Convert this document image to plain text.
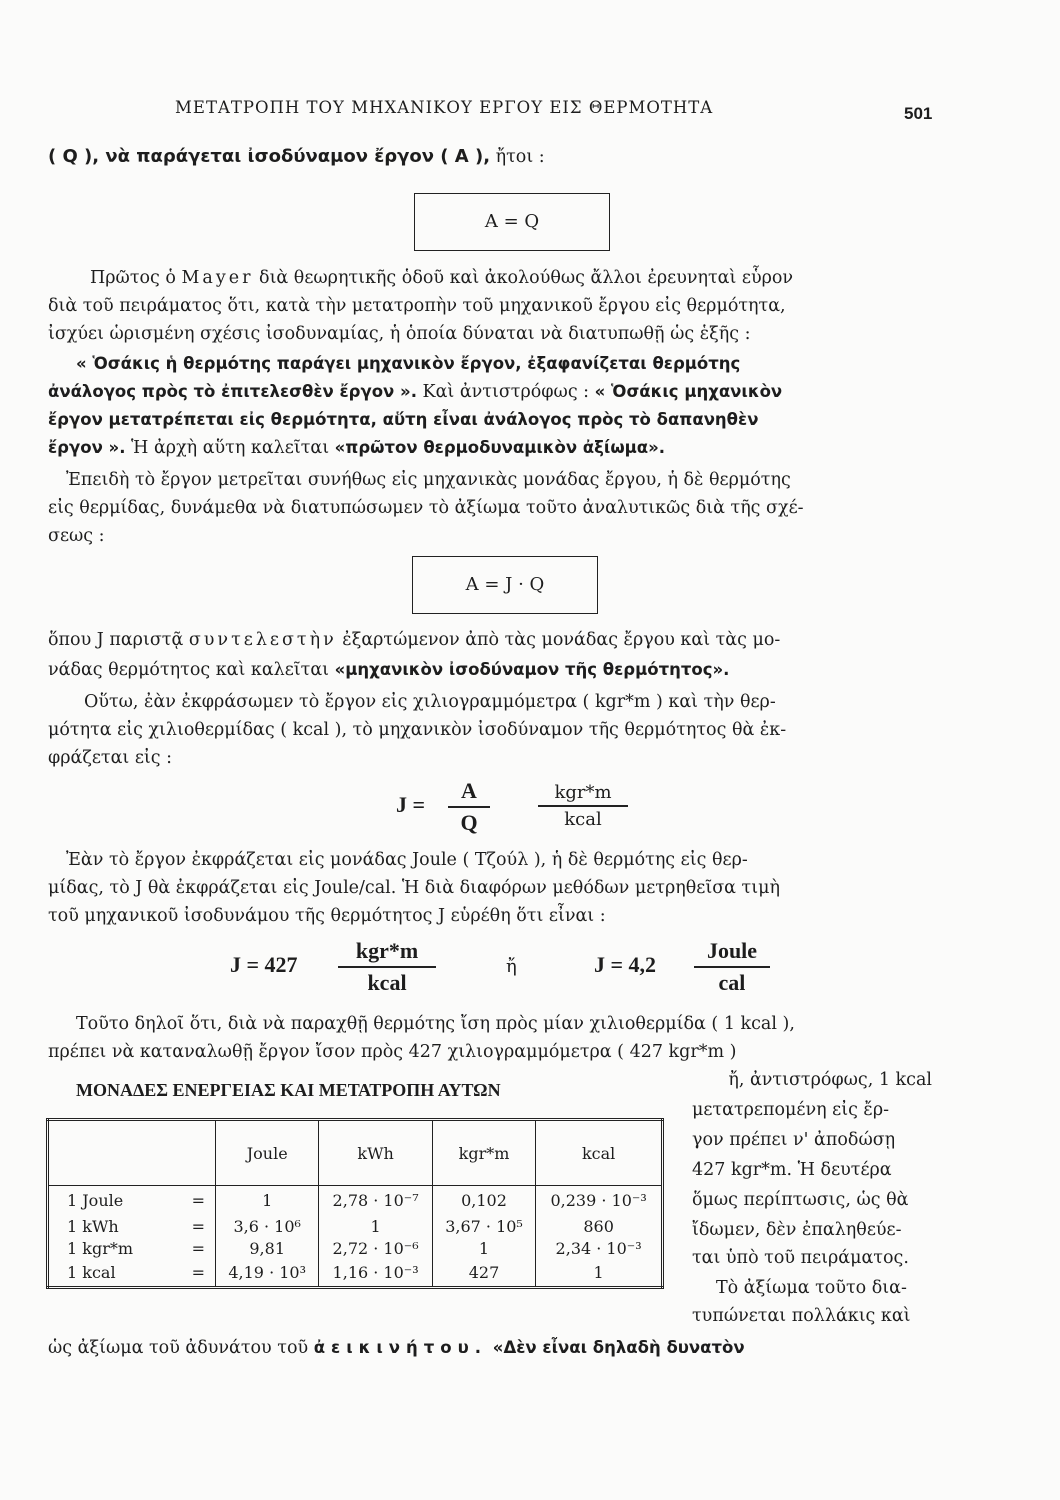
ΜΕΤΑΤΡΟΠΗ ΤΟΥ ΜΗΧΑΝΙΚΟΥ ΕΡΓΟΥ ΕΙΣ ΘΕΡΜΟΤΗΤΑ	501
( Q ), νὰ παράγεται ἰσοδύναμον ἔργον ( Α ), ἤτοι :
A = Q
Πρῶτος ὁ Mayer διὰ θεωρητικῆς ὁδοῦ καὶ ἀκολούθως ἄλλοι ἐρευνηταὶ εὗρον
διὰ τοῦ πειράματος ὅτι, κατὰ τὴν μετατροπὴν τοῦ μηχανικοῦ ἔργου εἰς θερμότητα,
ἰσχύει ὡρισμένη σχέσις ἰσοδυναμίας, ἡ ὁποία δύναται νὰ διατυπωθῇ ὡς ἑξῆς :
« Ὁσάκις ἡ θερμότης παράγει μηχανικὸν ἔργον, ἐξαφανίζεται θερμότης
ἀνάλογος πρὸς τὸ ἐπιτελεσθὲν ἔργον ». Καὶ ἀντιστρόφως : « Ὁσάκις μηχανικὸν
ἔργον μετατρέπεται εἰς θερμότητα, αὕτη εἶναι ἀνάλογος πρὸς τὸ δαπανηθὲν
ἔργον ». Ἡ ἀρχὴ αὕτη καλεῖται «πρῶτον θερμοδυναμικὸν ἀξίωμα».
Ἐπειδὴ τὸ ἔργον μετρεῖται συνήθως εἰς μηχανικὰς μονάδας ἔργου, ἡ δὲ θερμότης
εἰς θερμίδας, δυνάμεθα νὰ διατυπώσωμεν τὸ ἀξίωμα τοῦτο ἀναλυτικῶς διὰ τῆς σχέ-
σεως :
A = J · Q
ὅπου J παριστᾷ συντελεστὴν ἐξαρτώμενον ἀπὸ τὰς μονάδας ἔργου καὶ τὰς μο-
νάδας θερμότητος καὶ καλεῖται «μηχανικὸν ἰσοδύναμον τῆς θερμότητος».
Οὕτω, ἐὰν ἐκφράσωμεν τὸ ἔργον εἰς χιλιογραμμόμετρα ( kgr*m ) καὶ τὴν θερ-
μότητα εἰς χιλιοθερμίδας ( kcal ), τὸ μηχανικὸν ἰσοδύναμον τῆς θερμότητος θὰ ἐκ-
φράζεται εἰς :
J =
A
Q
kgr*m
kcal
Ἐὰν τὸ ἔργον ἐκφράζεται εἰς μονάδας Joule ( Τζούλ ), ἡ δὲ θερμότης εἰς θερ-
μίδας, τὸ J θὰ ἐκφράζεται εἰς Joule/cal. Ἡ διὰ διαφόρων μεθόδων μετρηθεῖσα τιμὴ
τοῦ μηχανικοῦ ἰσοδυνάμου τῆς θερμότητος J εὑρέθη ὅτι εἶναι :
J = 427
kgr*m
kcal
ἤ	J = 4,2
Joule
cal
Τοῦτο δηλοῖ ὅτι, διὰ νὰ παραχθῇ θερμότης ἴση πρὸς μίαν χιλιοθερμίδα ( 1 kcal ),
πρέπει νὰ καταναλωθῇ ἔργον ἴσον πρὸς 427 χιλιογραμμόμετρα ( 427 kgr*m )
ΜΟΝΑΔΕΣ ΕΝΕΡΓΕΙΑΣ ΚΑΙ ΜΕΤΑΤΡΟΠΗ ΑΥΤΩΝ
	Joule	kWh	kgr*m	kcal
1 Joule =	1	2,78 · 10⁻⁷	0,102	0,239 · 10⁻³
1 kWh =	3,6 · 10⁶	1	3,67 · 10⁵	860
1 kgr*m =	9,81	2,72 · 10⁻⁶	1	2,34 · 10⁻³
1 kcal =	4,19 · 10³	1,16 · 10⁻³	427	1
ἤ, ἀντιστρόφως, 1 kcal
μετατρεπομένη εἰς ἔρ-
γον πρέπει ν' ἀποδώσῃ
427 kgr*m. Ἡ δευτέρα
ὅμως περίπτωσις, ὡς θὰ
ἴδωμεν, δὲν ἐπαληθεύε-
ται ὑπὸ τοῦ πειράματος.
Τὸ ἀξίωμα τοῦτο δια-
τυπώνεται πολλάκις καὶ
ὡς ἀξίωμα τοῦ ἀδυνάτου τοῦ ἀεικινήτου. «Δὲν εἶναι δηλαδὴ δυνατὸν
